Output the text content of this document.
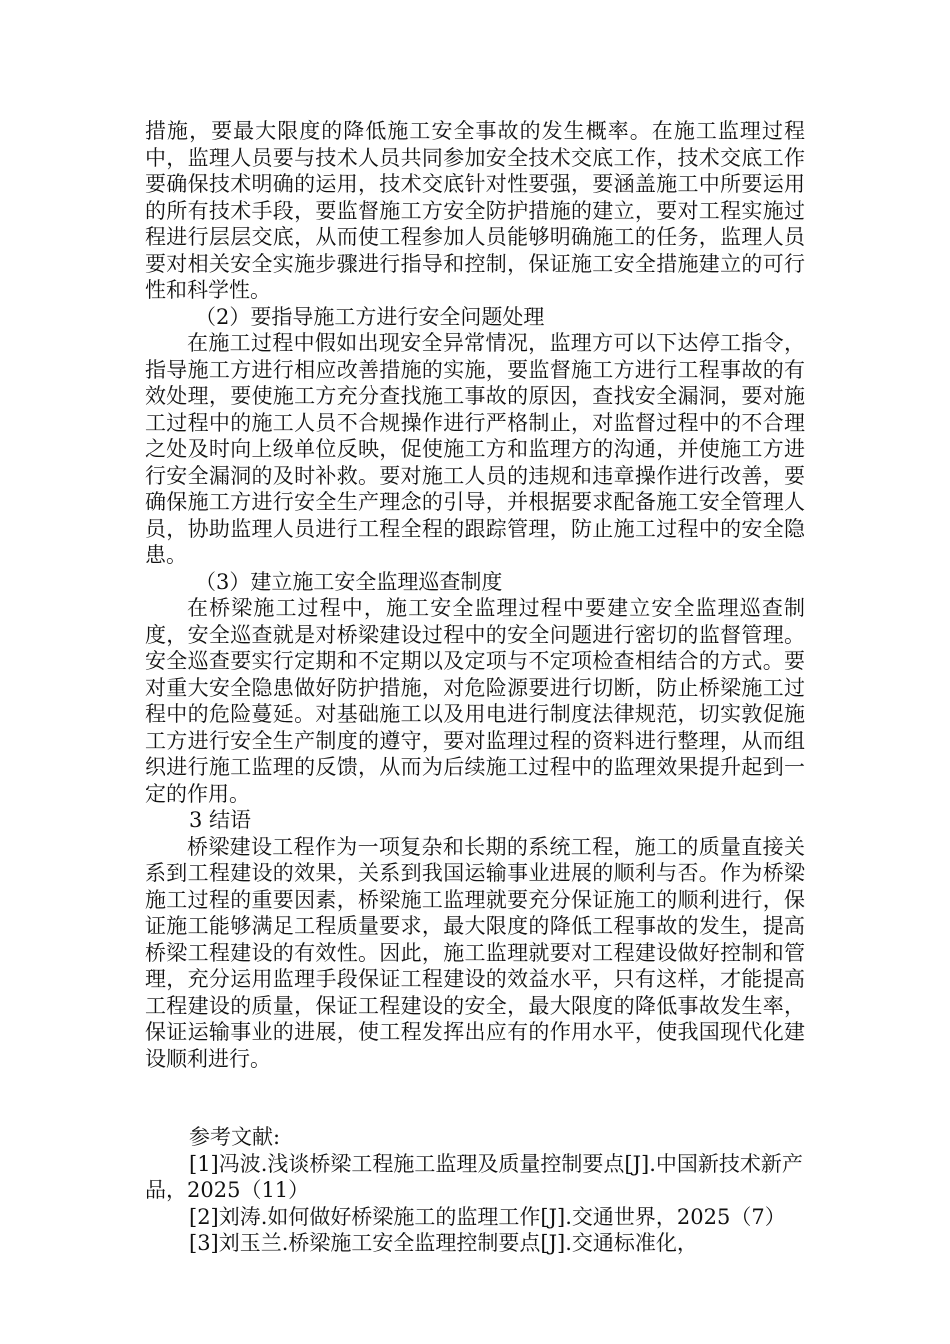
措施，要最大限度的降低施工安全事故的发生概率。在施工监理过程中，监理人员要与技术人员共同参加安全技术交底工作，技术交底工作要确保技术明确的运用，技术交底针对性要强，要涵盖施工中所要运用的所有技术手段，要监督施工方安全防护措施的建立，要对工程实施过程进行层层交底，从而使工程参加人员能够明确施工的任务，监理人员要对相关安全实施步骤进行指导和控制，保证施工安全措施建立的可行性和科学性。

（2）要指导施工方进行安全问题处理

在施工过程中假如出现安全异常情况，监理方可以下达停工指令，指导施工方进行相应改善措施的实施，要监督施工方进行工程事故的有效处理，要使施工方充分查找施工事故的原因，查找安全漏洞，要对施工过程中的施工人员不合规操作进行严格制止，对监督过程中的不合理之处及时向上级单位反映，促使施工方和监理方的沟通，并使施工方进行安全漏洞的及时补救。要对施工人员的违规和违章操作进行改善，要确保施工方进行安全生产理念的引导，并根据要求配备施工安全管理人员，协助监理人员进行工程全程的跟踪管理，防止施工过程中的安全隐患。

（3）建立施工安全监理巡查制度

在桥梁施工过程中，施工安全监理过程中要建立安全监理巡查制度，安全巡查就是对桥梁建设过程中的安全问题进行密切的监督管理。安全巡查要实行定期和不定期以及定项与不定项检查相结合的方式。要对重大安全隐患做好防护措施，对危险源要进行切断，防止桥梁施工过程中的危险蔓延。对基础施工以及用电进行制度法律规范，切实敦促施工方进行安全生产制度的遵守，要对监理过程的资料进行整理，从而组织进行施工监理的反馈，从而为后续施工过程中的监理效果提升起到一定的作用。

3 结语

桥梁建设工程作为一项复杂和长期的系统工程，施工的质量直接关系到工程建设的效果，关系到我国运输事业进展的顺利与否。作为桥梁施工过程的重要因素，桥梁施工监理就要充分保证施工的顺利进行，保证施工能够满足工程质量要求，最大限度的降低工程事故的发生，提高桥梁工程建设的有效性。因此，施工监理就要对工程建设做好控制和管理，充分运用监理手段保证工程建设的效益水平，只有这样，才能提高工程建设的质量，保证工程建设的安全，最大限度的降低事故发生率，保证运输事业的进展，使工程发挥出应有的作用水平，使我国现代化建设顺利进行。

参考文献:

[1]冯波.浅谈桥梁工程施工监理及质量控制要点[J].中国新技术新产品，2025（11）

[2]刘涛.如何做好桥梁施工的监理工作[J].交通世界，2025（7）

[3]刘玉兰.桥梁施工安全监理控制要点[J].交通标准化，
